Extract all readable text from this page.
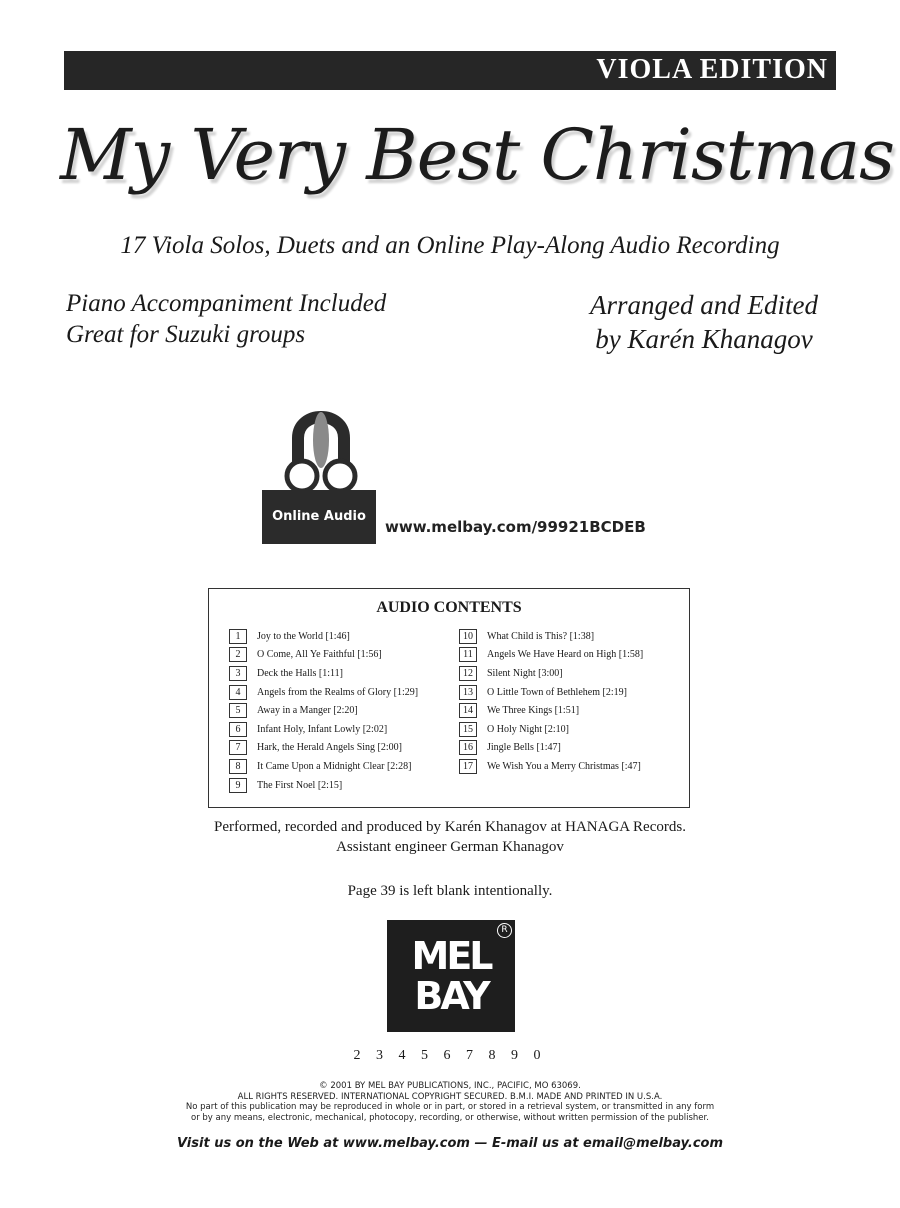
VIOLA EDITION
My Very Best Christmas
17 Viola Solos, Duets and an Online Play-Along Audio Recording
Piano Accompaniment Included
Great for Suzuki groups
Arranged and Edited
by Karén Khanagov
Online Audio
www.melbay.com/99921BCDEB
AUDIO CONTENTS
1	Joy to the World [1:46]
2	O Come, All Ye Faithful [1:56]
3	Deck the Halls [1:11]
4	Angels from the Realms of Glory [1:29]
5	Away in a Manger [2:20]
6	Infant Holy, Infant Lowly [2:02]
7	Hark, the Herald Angels Sing [2:00]
8	It Came Upon a Midnight Clear [2:28]
9	The First Noel [2:15]
10	What Child is This? [1:38]
11	Angels We Have Heard on High [1:58]
12	Silent Night [3:00]
13	O Little Town of Bethlehem [2:19]
14	We Three Kings [1:51]
15	O Holy Night [2:10]
16	Jingle Bells [1:47]
17	We Wish You a Merry Christmas [:47]
Performed, recorded and produced by Karén Khanagov at HANAGA Records.
Assistant engineer German Khanagov
Page 39 is left blank intentionally.
MEL
BAY
R
2 3 4 5 6 7 8 9 0
© 2001 BY MEL BAY PUBLICATIONS, INC., PACIFIC, MO 63069.
ALL RIGHTS RESERVED. INTERNATIONAL COPYRIGHT SECURED. B.M.I. MADE AND PRINTED IN U.S.A.
No part of this publication may be reproduced in whole or in part, or stored in a retrieval system, or transmitted in any form
or by any means, electronic, mechanical, photocopy, recording, or otherwise, without written permission of the publisher.
Visit us on the Web at www.melbay.com — E-mail us at email@melbay.com
